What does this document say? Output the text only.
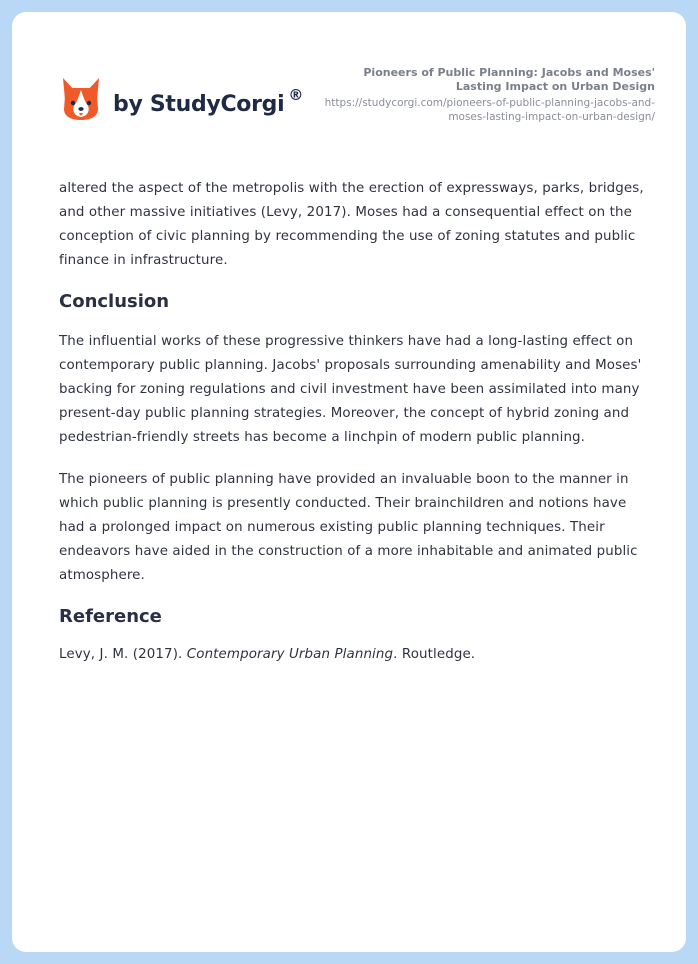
by StudyCorgi ®
Pioneers of Public Planning: Jacobs and Moses' Lasting Impact on Urban Design
https://studycorgi.com/pioneers-of-public-planning-jacobs-and-moses-lasting-impact-on-urban-design/

altered the aspect of the metropolis with the erection of expressways, parks, bridges, and other massive initiatives (Levy, 2017). Moses had a consequential effect on the conception of civic planning by recommending the use of zoning statutes and public finance in infrastructure.

Conclusion

The influential works of these progressive thinkers have had a long-lasting effect on contemporary public planning. Jacobs' proposals surrounding amenability and Moses' backing for zoning regulations and civil investment have been assimilated into many present-day public planning strategies. Moreover, the concept of hybrid zoning and pedestrian-friendly streets has become a linchpin of modern public planning.

The pioneers of public planning have provided an invaluable boon to the manner in which public planning is presently conducted. Their brainchildren and notions have had a prolonged impact on numerous existing public planning techniques. Their endeavors have aided in the construction of a more inhabitable and animated public atmosphere.

Reference

Levy, J. M. (2017). Contemporary Urban Planning. Routledge.
